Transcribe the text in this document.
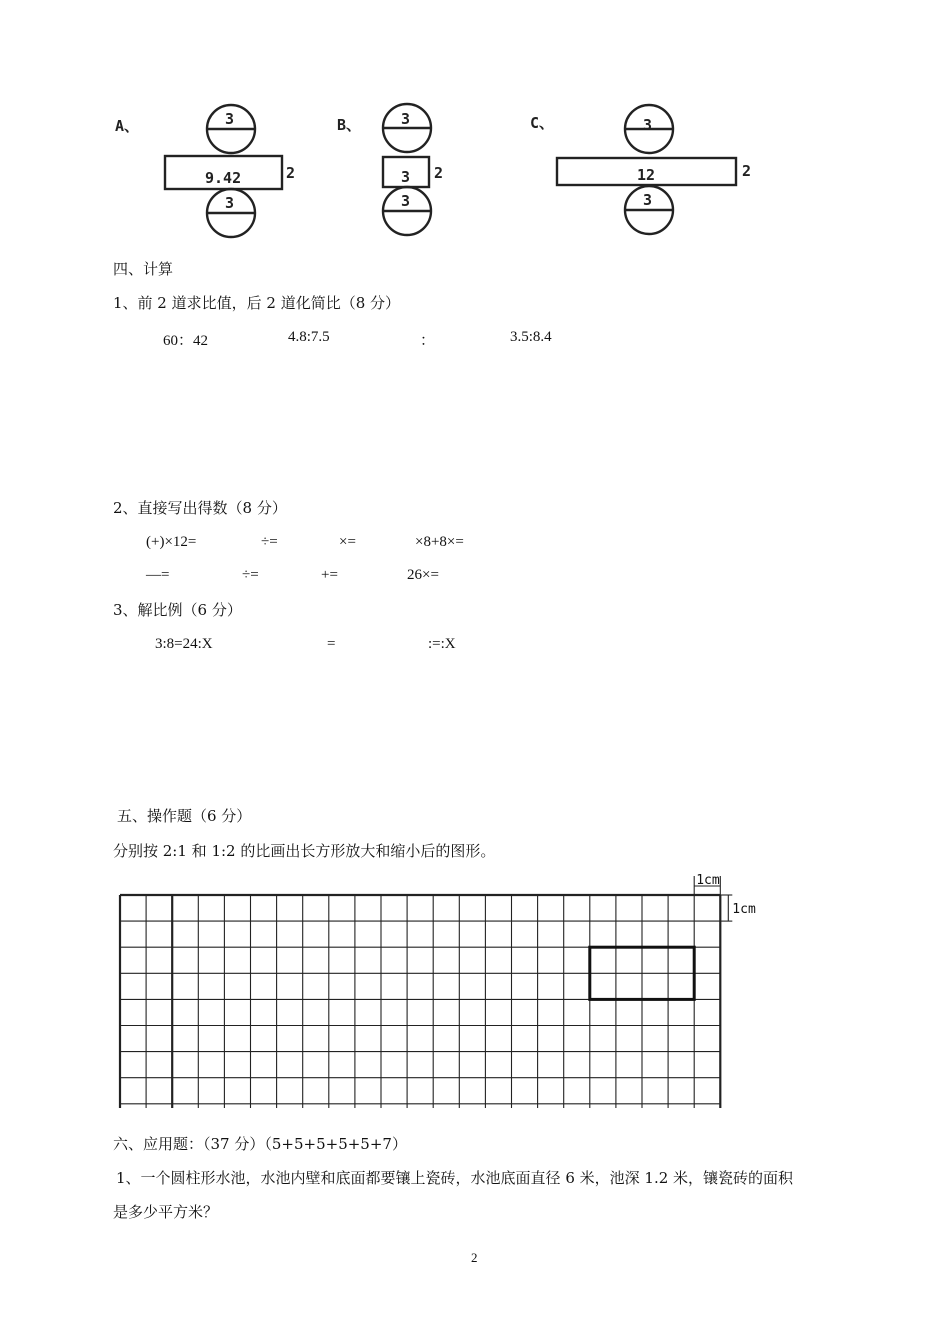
A、	3
9.42	2
3
B、	3
3 2
3
C、	3
12	2
3
四、计算
1、前 2 道求比值，后 2 道化简比（8 分）
60：42	4.8:7.5	：	3.5:8.4
2、直接写出得数（8 分）
(+)×12=	÷=	×=	×8+8×=
—=	÷=	+=	26×=
3、解比例（6 分）
3:8=24:X	=	:=:X
五、操作题（6 分）
分别按 2:1 和 1:2 的比画出长方形放大和缩小后的图形。
1cm
1cm
六、应用题：（37 分）（5+5+5+5+5+7）
1、一个圆柱形水池，水池内壁和底面都要镶上瓷砖，水池底面直径 6 米，池深 1.2 米，镶瓷砖的面积
是多少平方米？
2
